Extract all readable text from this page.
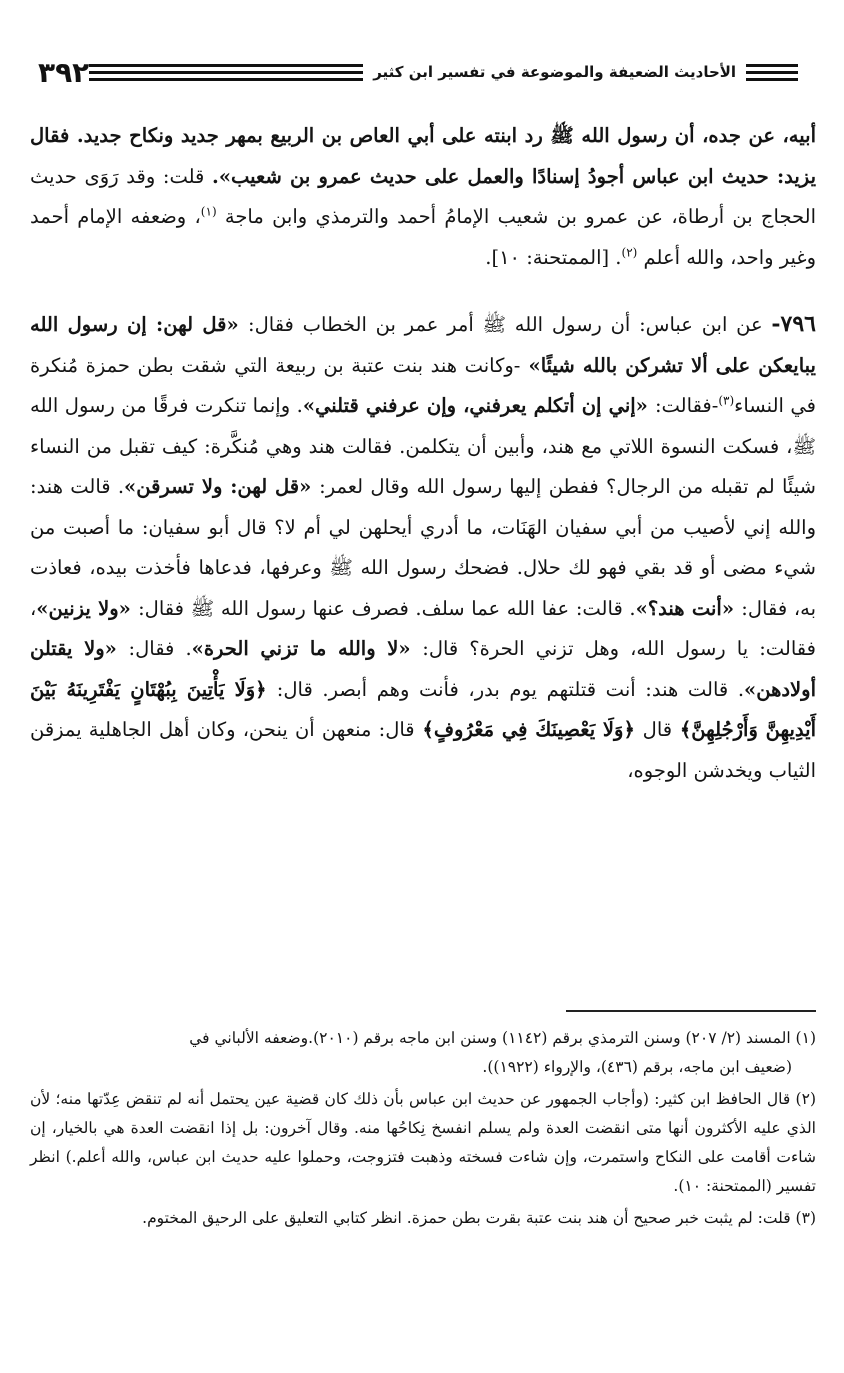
٣٩٢	الأحاديث الضعيفة والموضوعة في تفسير ابن كثير

أبيه، عن جده، أن رسول الله ﷺ رد ابنته على أبي العاص بن الربيع بمهر جديد ونكاح جديد. فقال يزيد: حديث ابن عباس أجودُ إسنادًا والعمل على حديث عمرو بن شعيب». قلت: وقد رَوَى حديث الحجاج بن أرطاة، عن عمرو بن شعيب الإمامُ أحمد والترمذي وابن ماجة $^{(١)}$، وضعفه الإمام أحمد وغير واحد، والله أعلم $^{(٢)}$. [الممتحنة: ١٠].

٧٩٦- عن ابن عباس: أن رسول الله ﷺ أمر عمر بن الخطاب فقال: «قل لهن: إن رسول الله يبايعكن على ألا تشركن بالله شيئًا» -وكانت هند بنت عتبة بن ربيعة التي شقت بطن حمزة مُنكرة في النساء$^{(٣)}$-فقالت: «إني إن أتكلم يعرفني، وإن عرفني قتلني». وإنما تنكرت فرقًا من رسول الله ﷺ، فسكت النسوة اللاتي مع هند، وأبين أن يتكلمن. فقالت هند وهي مُنكَّرة: كيف تقبل من النساء شيئًا لم تقبله من الرجال؟ ففطن إليها رسول الله وقال لعمر: «قل لهن: ولا تسرقن». قالت هند: والله إني لأصيب من أبي سفيان الهَنَات، ما أدري أيحلهن لي أم لا؟ قال أبو سفيان: ما أصبت من شيء مضى أو قد بقي فهو لك حلال. فضحك رسول الله ﷺ وعرفها، فدعاها فأخذت بيده، فعاذت به، فقال: «أنت هند؟». قالت: عفا الله عما سلف. فصرف عنها رسول الله ﷺ فقال: «ولا يزنين»، فقالت: يا رسول الله، وهل تزني الحرة؟ قال: «لا والله ما تزني الحرة». فقال: «ولا يقتلن أولادهن». قالت هند: أنت قتلتهم يوم بدر، فأنت وهم أبصر. قال: ﴿وَلَا يَأْتِينَ بِبُهْتَانٍ يَفْتَرِينَهُ بَيْنَ أَيْدِيهِنَّ وَأَرْجُلِهِنَّ﴾ قال ﴿وَلَا يَعْصِينَكَ فِي مَعْرُوفٍ﴾ قال: منعهن أن ينحن، وكان أهل الجاهلية يمزقن الثياب ويخدشن الوجوه،

(١) المسند (٢/ ٢٠٧) وسنن الترمذي برقم (١١٤٢) وسنن ابن ماجه برقم (٢٠١٠).وضعفه الألباني في
(ضعيف ابن ماجه، برقم (٤٣٦)، والإرواء (١٩٢٢)).

(٢) قال الحافظ ابن كثير: (وأجاب الجمهور عن حديث ابن عباس بأن ذلك كان قضية عين يحتمل أنه لم تنقض عِدّتها منه؛ لأن الذي عليه الأكثرون أنها متى انقضت العدة ولم يسلم انفسخ نِكاحُها منه. وقال آخرون: بل إذا انقضت العدة هي بالخيار، إن شاءت أقامت على النكاح واستمرت، وإن شاءت فسخته وذهبت فتزوجت، وحملوا عليه حديث ابن عباس، والله أعلم.) انظر تفسير (الممتحنة: ١٠).

(٣) قلت: لم يثبت خبر صحيح أن هند بنت عتبة بقرت بطن حمزة. انظر كتابي التعليق على الرحيق المختوم.
